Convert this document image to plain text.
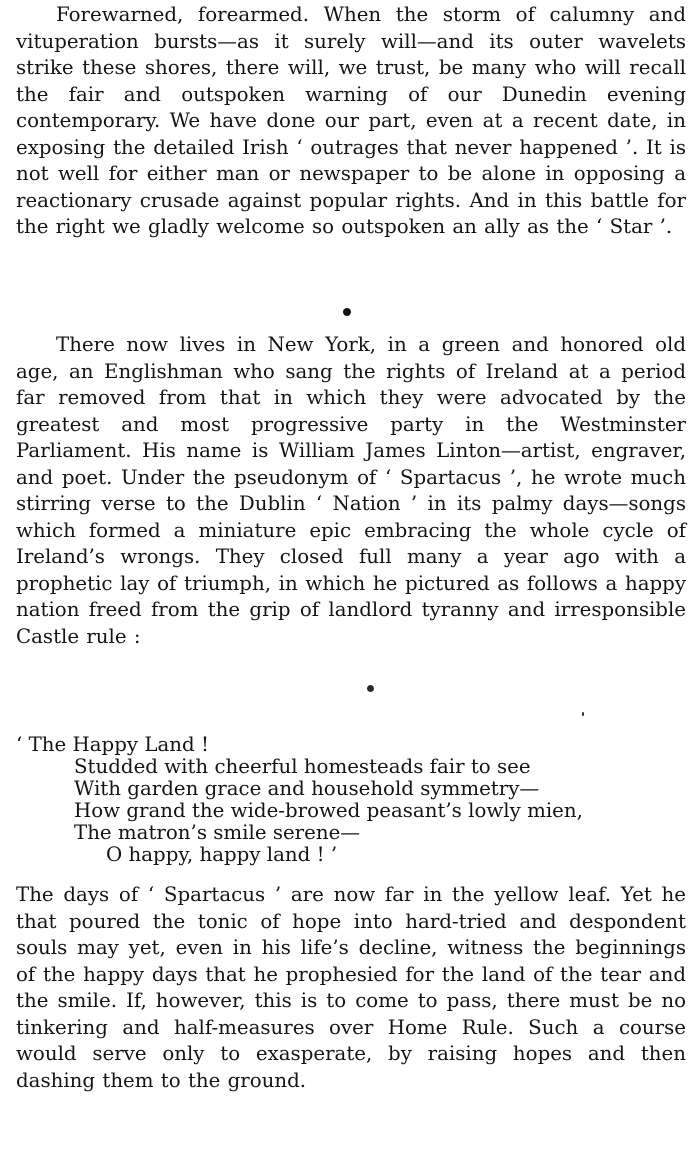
Forewarned, forearmed. When the storm of calumny and vituperation bursts—as it surely will—and its outer wavelets strike these shores, there will, we trust, be many who will recall the fair and outspoken warning of our Dunedin evening contemporary. We have done our part, even at a recent date, in exposing the detailed Irish ‘ outrages that never happened ’. It is not well for either man or newspaper to be alone in opposing a reactionary crusade against popular rights. And in this battle for the right we gladly welcome so outspoken an ally as the ‘ Star ’.

There now lives in New York, in a green and honored old age, an Englishman who sang the rights of Ireland at a period far removed from that in which they were advocated by the greatest and most progressive party in the Westminster Parliament. His name is William James Linton—artist, engraver, and poet. Under the pseudonym of ‘ Spartacus ’, he wrote much stirring verse to the Dublin ‘ Nation ’ in its palmy days—songs which formed a miniature epic embracing the whole cycle of Ireland’s wrongs. They closed full many a year ago with a prophetic lay of triumph, in which he pictured as follows a happy nation freed from the grip of landlord tyranny and irresponsible Castle rule :

‘ The Happy Land !
Studded with cheerful homesteads fair to see
With garden grace and household symmetry—
How grand the wide-browed peasant’s lowly mien,
The matron’s smile serene—
O happy, happy land ! ’

The days of ‘ Spartacus ’ are now far in the yellow leaf. Yet he that poured the tonic of hope into hard-tried and despondent souls may yet, even in his life’s decline, witness the beginnings of the happy days that he prophesied for the land of the tear and the smile. If, however, this is to come to pass, there must be no tinkering and half-measures over Home Rule. Such a course would serve only to exasperate, by raising hopes and then dashing them to the ground.
